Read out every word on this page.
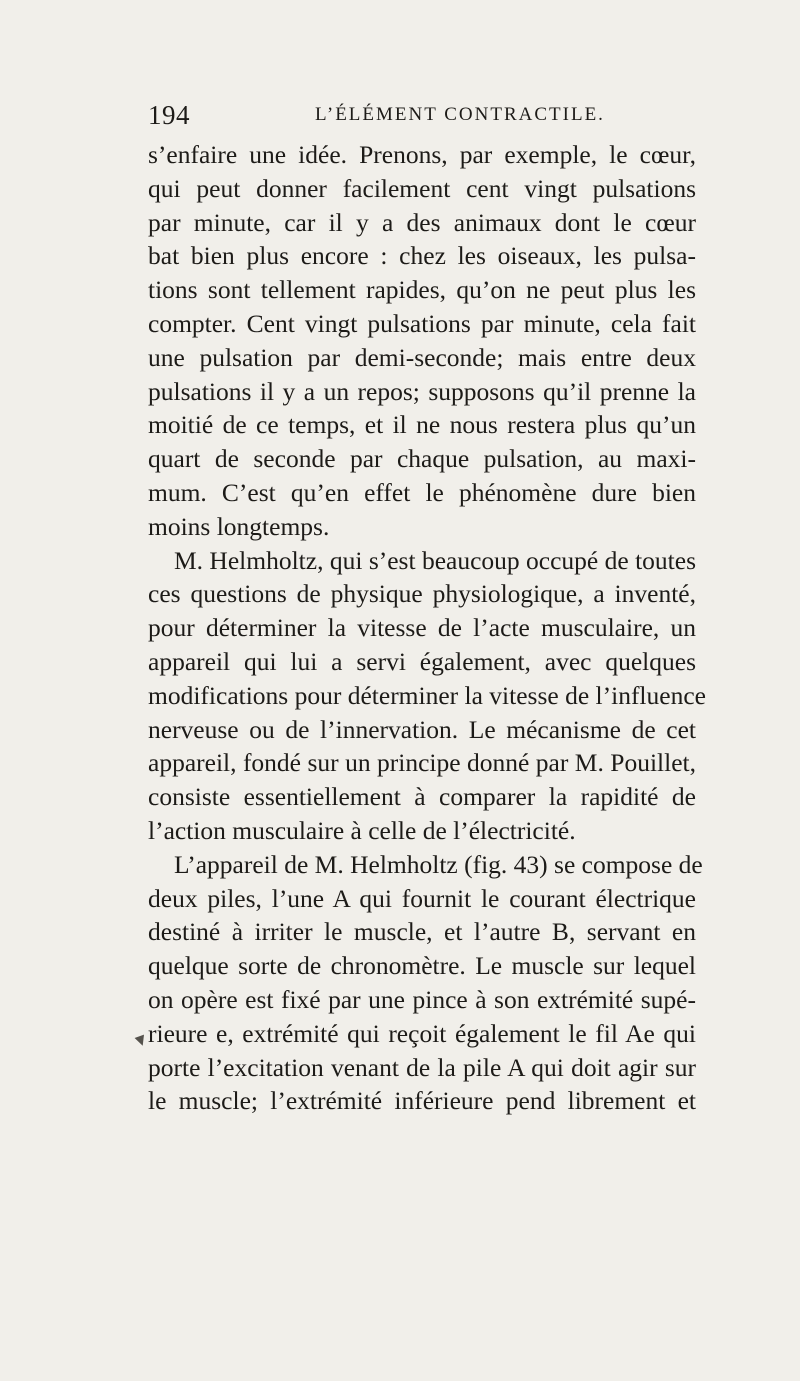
194	L’ÉLÉMENT CONTRACTILE.
s’enfaire une idée. Prenons, par exemple, le cœur,
qui peut donner facilement cent vingt pulsations
par minute, car il y a des animaux dont le cœur
bat bien plus encore : chez les oiseaux, les pulsa-
tions sont tellement rapides, qu’on ne peut plus les
compter. Cent vingt pulsations par minute, cela fait
une pulsation par demi-seconde; mais entre deux
pulsations il y a un repos; supposons qu’il prenne la
moitié de ce temps, et il ne nous restera plus qu’un
quart de seconde par chaque pulsation, au maxi-
mum. C’est qu’en effet le phénomène dure bien
moins longtemps.
M. Helmholtz, qui s’est beaucoup occupé de toutes
ces questions de physique physiologique, a inventé,
pour déterminer la vitesse de l’acte musculaire, un
appareil qui lui a servi également, avec quelques
modifications pour déterminer la vitesse de l’influence
nerveuse ou de l’innervation. Le mécanisme de cet
appareil, fondé sur un principe donné par M. Pouillet,
consiste essentiellement à comparer la rapidité de
l’action musculaire à celle de l’électricité.
L’appareil de M. Helmholtz (fig. 43) se compose de
deux piles, l’une A qui fournit le courant électrique
destiné à irriter le muscle, et l’autre B, servant en
quelque sorte de chronomètre. Le muscle sur lequel
on opère est fixé par une pince à son extrémité supé-
rieure e, extrémité qui reçoit également le fil Ae qui
porte l’excitation venant de la pile A qui doit agir sur
le muscle; l’extrémité inférieure pend librement et
